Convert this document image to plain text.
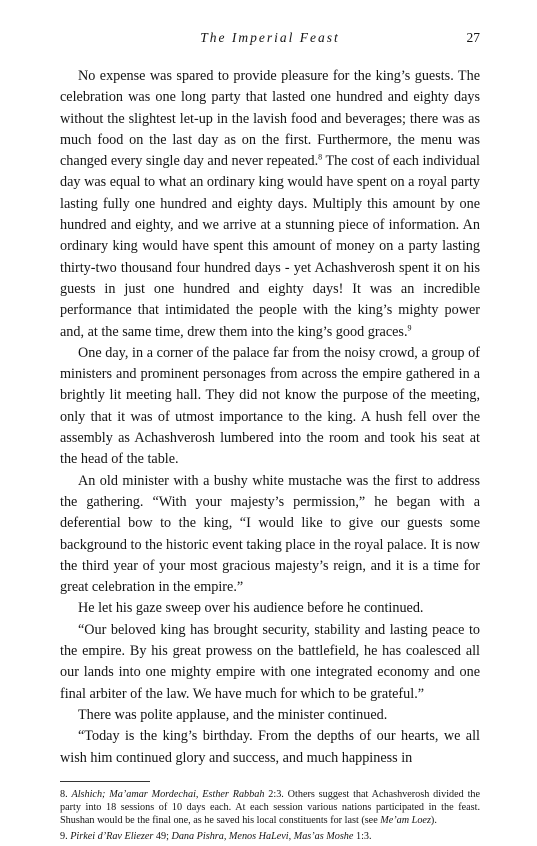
The Imperial Feast	27

No expense was spared to provide pleasure for the king’s guests. The celebration was one long party that lasted one hundred and eighty days without the slightest let-up in the lavish food and beverages; there was as much food on the last day as on the first. Furthermore, the menu was changed every single day and never repeated.$^8$ The cost of each individual day was equal to what an ordinary king would have spent on a royal party lasting fully one hundred and eighty days. Multiply this amount by one hundred and eighty, and we arrive at a stunning piece of information. An ordinary king would have spent this amount of money on a party lasting thirty-two thousand four hundred days - yet Achashverosh spent it on his guests in just one hundred and eighty days! It was an incredible performance that intimidated the people with the king’s mighty power and, at the same time, drew them into the king’s good graces.$^9$

One day, in a corner of the palace far from the noisy crowd, a group of ministers and prominent personages from across the empire gathered in a brightly lit meeting hall. They did not know the purpose of the meeting, only that it was of utmost importance to the king. A hush fell over the assembly as Achashverosh lumbered into the room and took his seat at the head of the table.

An old minister with a bushy white mustache was the first to address the gathering. “With your majesty’s permission,” he began with a deferential bow to the king, “I would like to give our guests some background to the historic event taking place in the royal palace. It is now the third year of your most gracious majesty’s reign, and it is a time for great celebration in the empire.”

He let his gaze sweep over his audience before he continued.

“Our beloved king has brought security, stability and lasting peace to the empire. By his great prowess on the battlefield, he has coalesced all our lands into one mighty empire with one integrated economy and one final arbiter of the law. We have much for which to be grateful.”

There was polite applause, and the minister continued.

“Today is the king’s birthday. From the depths of our hearts, we all wish him continued glory and success, and much happiness in

8. Alshich; Ma’amar Mordechai, Esther Rabbah 2:3. Others suggest that Achashverosh divided the party into 18 sessions of 10 days each. At each session various nations participated in the feast. Shushan would be the final one, as he saved his local constituents for last (see Me’am Loez).

9. Pirkei d’Rav Eliezer 49; Dana Pishra, Menos HaLevi, Mas’as Moshe 1:3.
